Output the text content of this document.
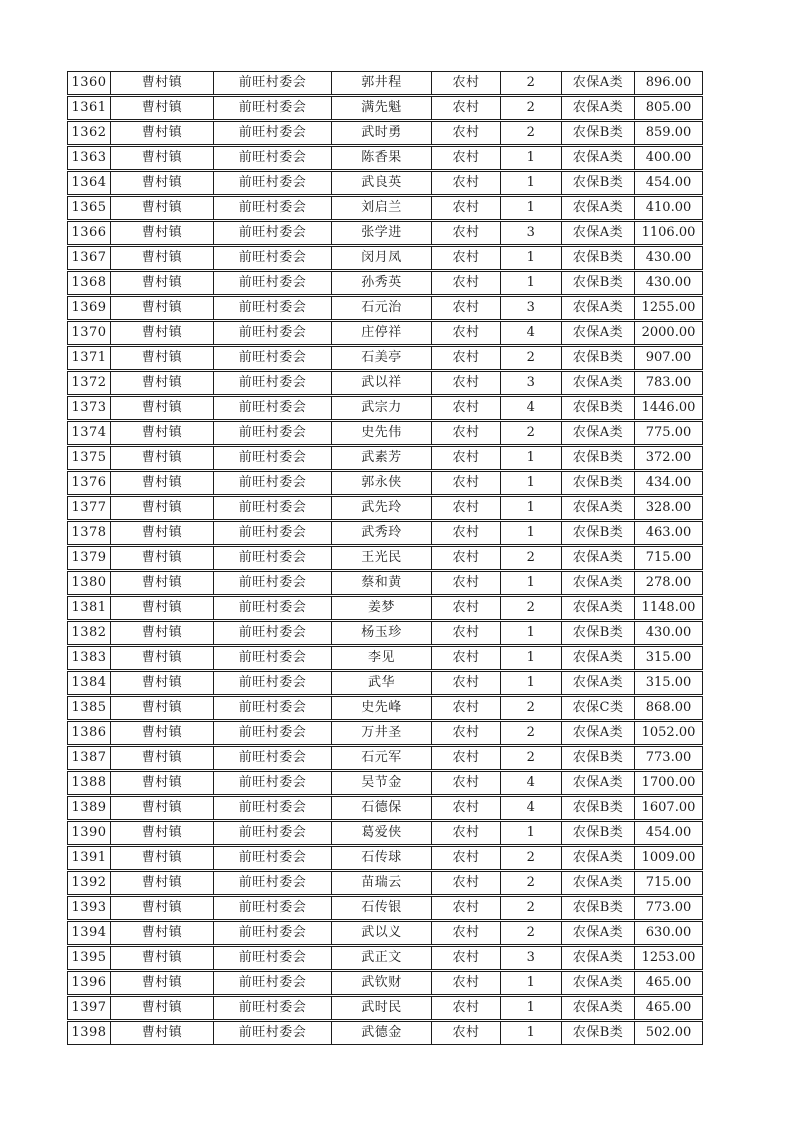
1360	曹村镇	前旺村委会	郭井程	农村	2	农保A类	896.00
1361	曹村镇	前旺村委会	满先魁	农村	2	农保A类	805.00
1362	曹村镇	前旺村委会	武时勇	农村	2	农保B类	859.00
1363	曹村镇	前旺村委会	陈香果	农村	1	农保A类	400.00
1364	曹村镇	前旺村委会	武良英	农村	1	农保B类	454.00
1365	曹村镇	前旺村委会	刘启兰	农村	1	农保A类	410.00
1366	曹村镇	前旺村委会	张学进	农村	3	农保A类	1106.00
1367	曹村镇	前旺村委会	闵月凤	农村	1	农保B类	430.00
1368	曹村镇	前旺村委会	孙秀英	农村	1	农保B类	430.00
1369	曹村镇	前旺村委会	石元治	农村	3	农保A类	1255.00
1370	曹村镇	前旺村委会	庄停祥	农村	4	农保A类	2000.00
1371	曹村镇	前旺村委会	石美亭	农村	2	农保B类	907.00
1372	曹村镇	前旺村委会	武以祥	农村	3	农保A类	783.00
1373	曹村镇	前旺村委会	武宗力	农村	4	农保B类	1446.00
1374	曹村镇	前旺村委会	史先伟	农村	2	农保A类	775.00
1375	曹村镇	前旺村委会	武素芳	农村	1	农保B类	372.00
1376	曹村镇	前旺村委会	郭永侠	农村	1	农保B类	434.00
1377	曹村镇	前旺村委会	武先玲	农村	1	农保A类	328.00
1378	曹村镇	前旺村委会	武秀玲	农村	1	农保B类	463.00
1379	曹村镇	前旺村委会	王光民	农村	2	农保A类	715.00
1380	曹村镇	前旺村委会	蔡和黄	农村	1	农保A类	278.00
1381	曹村镇	前旺村委会	姜梦	农村	2	农保A类	1148.00
1382	曹村镇	前旺村委会	杨玉珍	农村	1	农保B类	430.00
1383	曹村镇	前旺村委会	李见	农村	1	农保A类	315.00
1384	曹村镇	前旺村委会	武华	农村	1	农保A类	315.00
1385	曹村镇	前旺村委会	史先峰	农村	2	农保C类	868.00
1386	曹村镇	前旺村委会	万井圣	农村	2	农保A类	1052.00
1387	曹村镇	前旺村委会	石元军	农村	2	农保B类	773.00
1388	曹村镇	前旺村委会	吴节金	农村	4	农保A类	1700.00
1389	曹村镇	前旺村委会	石德保	农村	4	农保B类	1607.00
1390	曹村镇	前旺村委会	葛爱侠	农村	1	农保B类	454.00
1391	曹村镇	前旺村委会	石传球	农村	2	农保A类	1009.00
1392	曹村镇	前旺村委会	苗瑞云	农村	2	农保A类	715.00
1393	曹村镇	前旺村委会	石传银	农村	2	农保B类	773.00
1394	曹村镇	前旺村委会	武以义	农村	2	农保A类	630.00
1395	曹村镇	前旺村委会	武正文	农村	3	农保A类	1253.00
1396	曹村镇	前旺村委会	武钦财	农村	1	农保A类	465.00
1397	曹村镇	前旺村委会	武时民	农村	1	农保A类	465.00
1398	曹村镇	前旺村委会	武德金	农村	1	农保B类	502.00
